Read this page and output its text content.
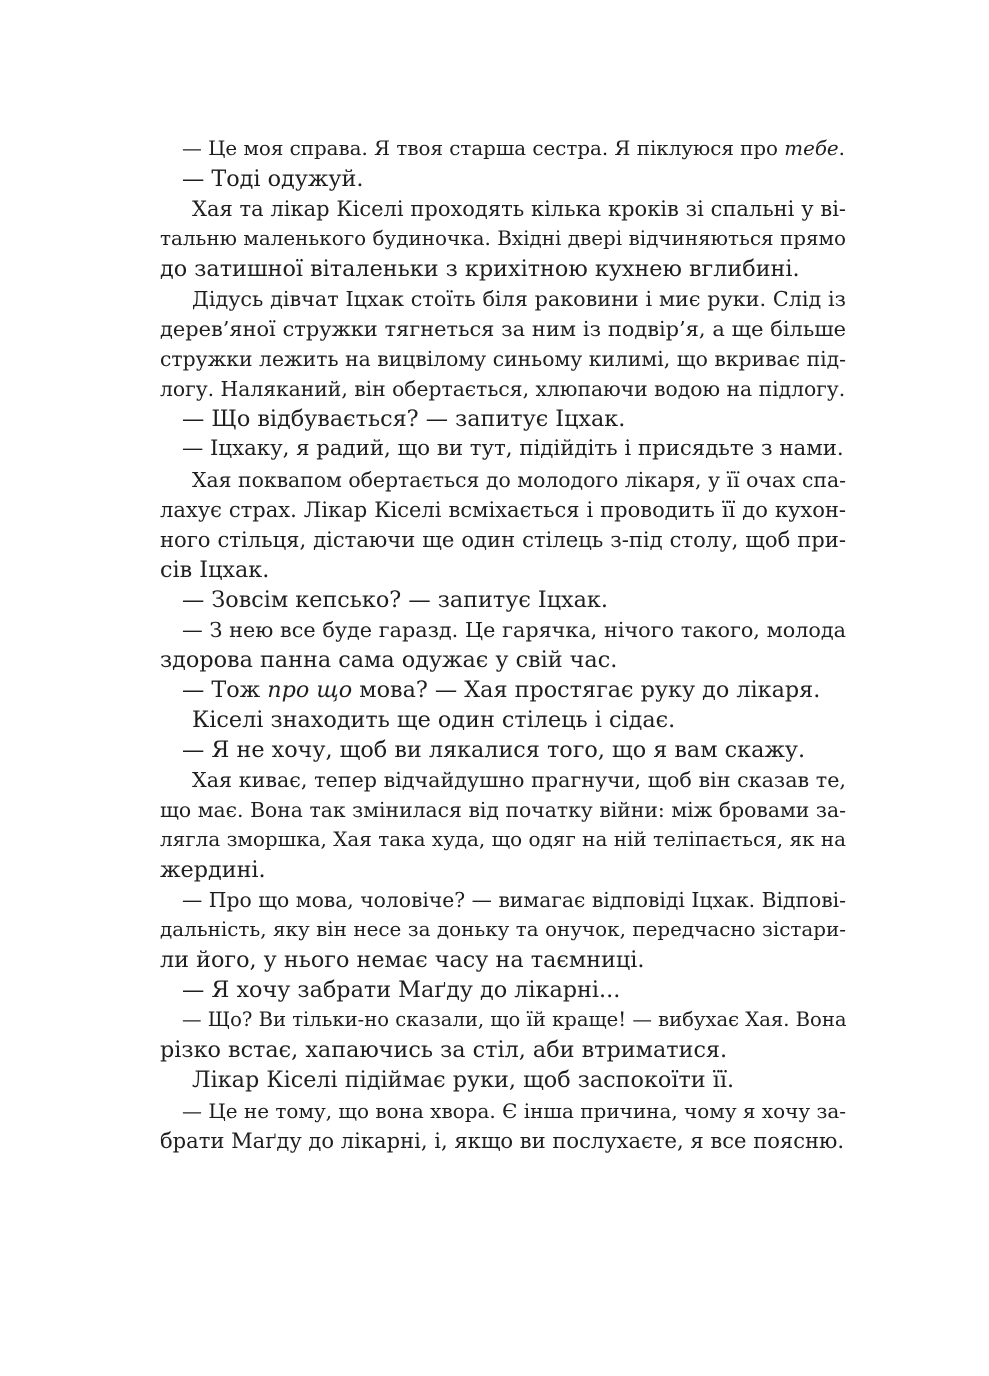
— Це моя справа. Я твоя старша сестра. Я піклуюся про тебе.
— Тоді одужуй.
Хая та лікар Кіселі проходять кілька кроків зі спальні у ві-
тальню маленького будиночка. Вхідні двері відчиняються прямо
до затишної віталеньки з крихітною кухнею вглибині.
Дідусь дівчат Іцхак стоїть біля раковини і миє руки. Слід із
дерев’яної стружки тягнеться за ним із подвір’я, а ще більше
стружки лежить на вицвілому синьому килимі, що вкриває під-
логу. Наляканий, він обертається, хлюпаючи водою на підлогу.
— Що відбувається? — запитує Іцхак.
— Іцхаку, я радий, що ви тут, підійдіть і присядьте з нами.
Хая поквапом обертається до молодого лікаря, у її очах спа-
лахує страх. Лікар Кіселі всміхається і проводить її до кухон-
ного стільця, дістаючи ще один стілець з-під столу, щоб при-
сів Іцхак.
— Зовсім кепсько? — запитує Іцхак.
— З нею все буде гаразд. Це гарячка, нічого такого, молода
здорова панна сама одужає у свій час.
— Тож про що мова? — Хая простягає руку до лікаря.
Кіселі знаходить ще один стілець і сідає.
— Я не хочу, щоб ви лякалися того, що я вам скажу.
Хая киває, тепер відчайдушно прагнучи, щоб він сказав те,
що має. Вона так змінилася від початку війни: між бровами за-
лягла зморшка, Хая така худа, що одяг на ній теліпається, як на
жердині.
— Про що мова, чоловіче? — вимагає відповіді Іцхак. Відпові-
дальність, яку він несе за доньку та онучок, передчасно зістари-
ли його, у нього немає часу на таємниці.
— Я хочу забрати Маґду до лікарні...
— Що? Ви тільки-но сказали, що їй краще! — вибухає Хая. Вона
різко встає, хапаючись за стіл, аби втриматися.
Лікар Кіселі підіймає руки, щоб заспокоїти її.
— Це не тому, що вона хвора. Є інша причина, чому я хочу за-
брати Маґду до лікарні, і, якщо ви послухаєте, я все поясню.
